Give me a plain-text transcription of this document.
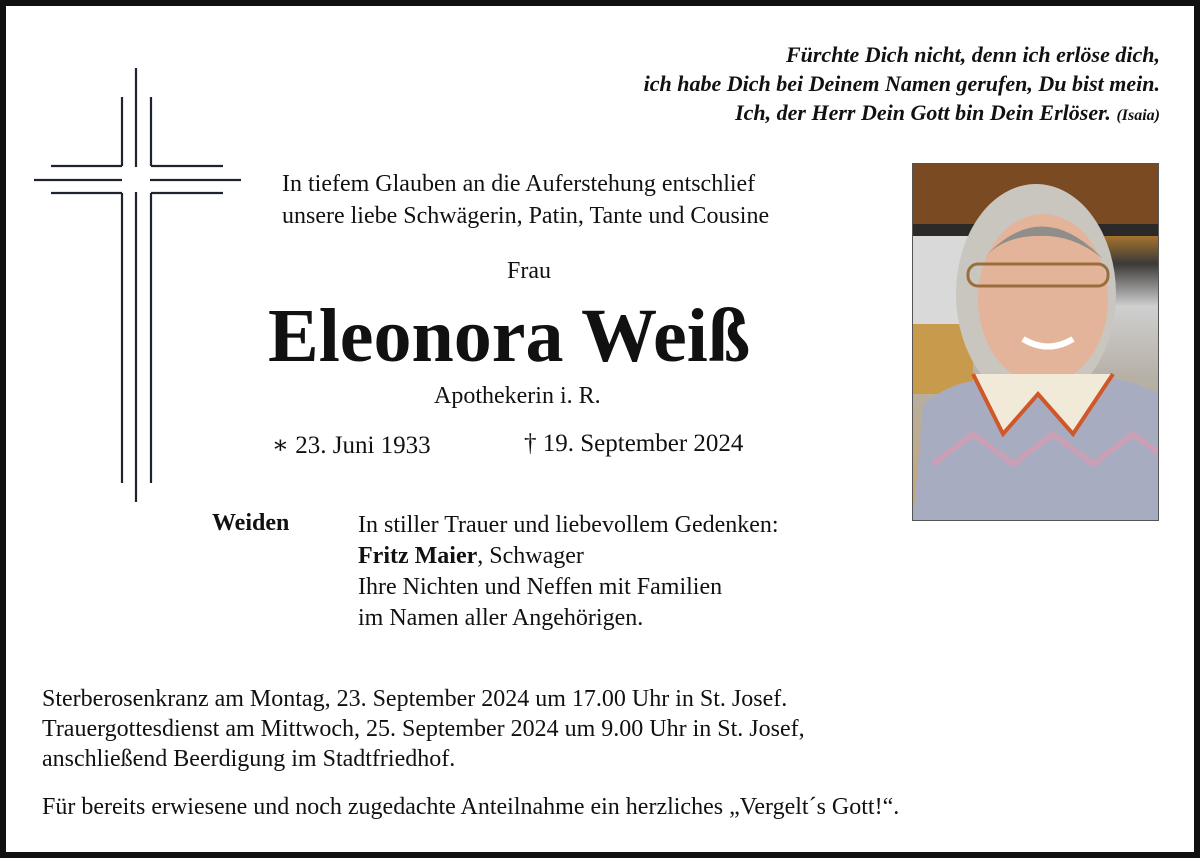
Fürchte Dich nicht, denn ich erlöse dich,
ich habe Dich bei Deinem Namen gerufen, Du bist mein.
Ich, der Herr Dein Gott bin Dein Erlöser. (Isaia)
In tiefem Glauben an die Auferstehung entschlief
unsere liebe Schwägerin, Patin, Tante und Cousine
Frau
Eleonora Weiß
Apothekerin i. R.
∗ 23. Juni 1933	† 19. September 2024
Weiden	In stiller Trauer und liebevollem Gedenken:
Fritz Maier, Schwager
Ihre Nichten und Neffen mit Familien
im Namen aller Angehörigen.
Sterberosenkranz am Montag, 23. September 2024 um 17.00 Uhr in St. Josef.
Trauergottesdienst am Mittwoch, 25. September 2024 um 9.00 Uhr in St. Josef,
anschließend Beerdigung im Stadtfriedhof.
Für bereits erwiesene und noch zugedachte Anteilnahme ein herzliches „Vergelt´s Gott!“.
